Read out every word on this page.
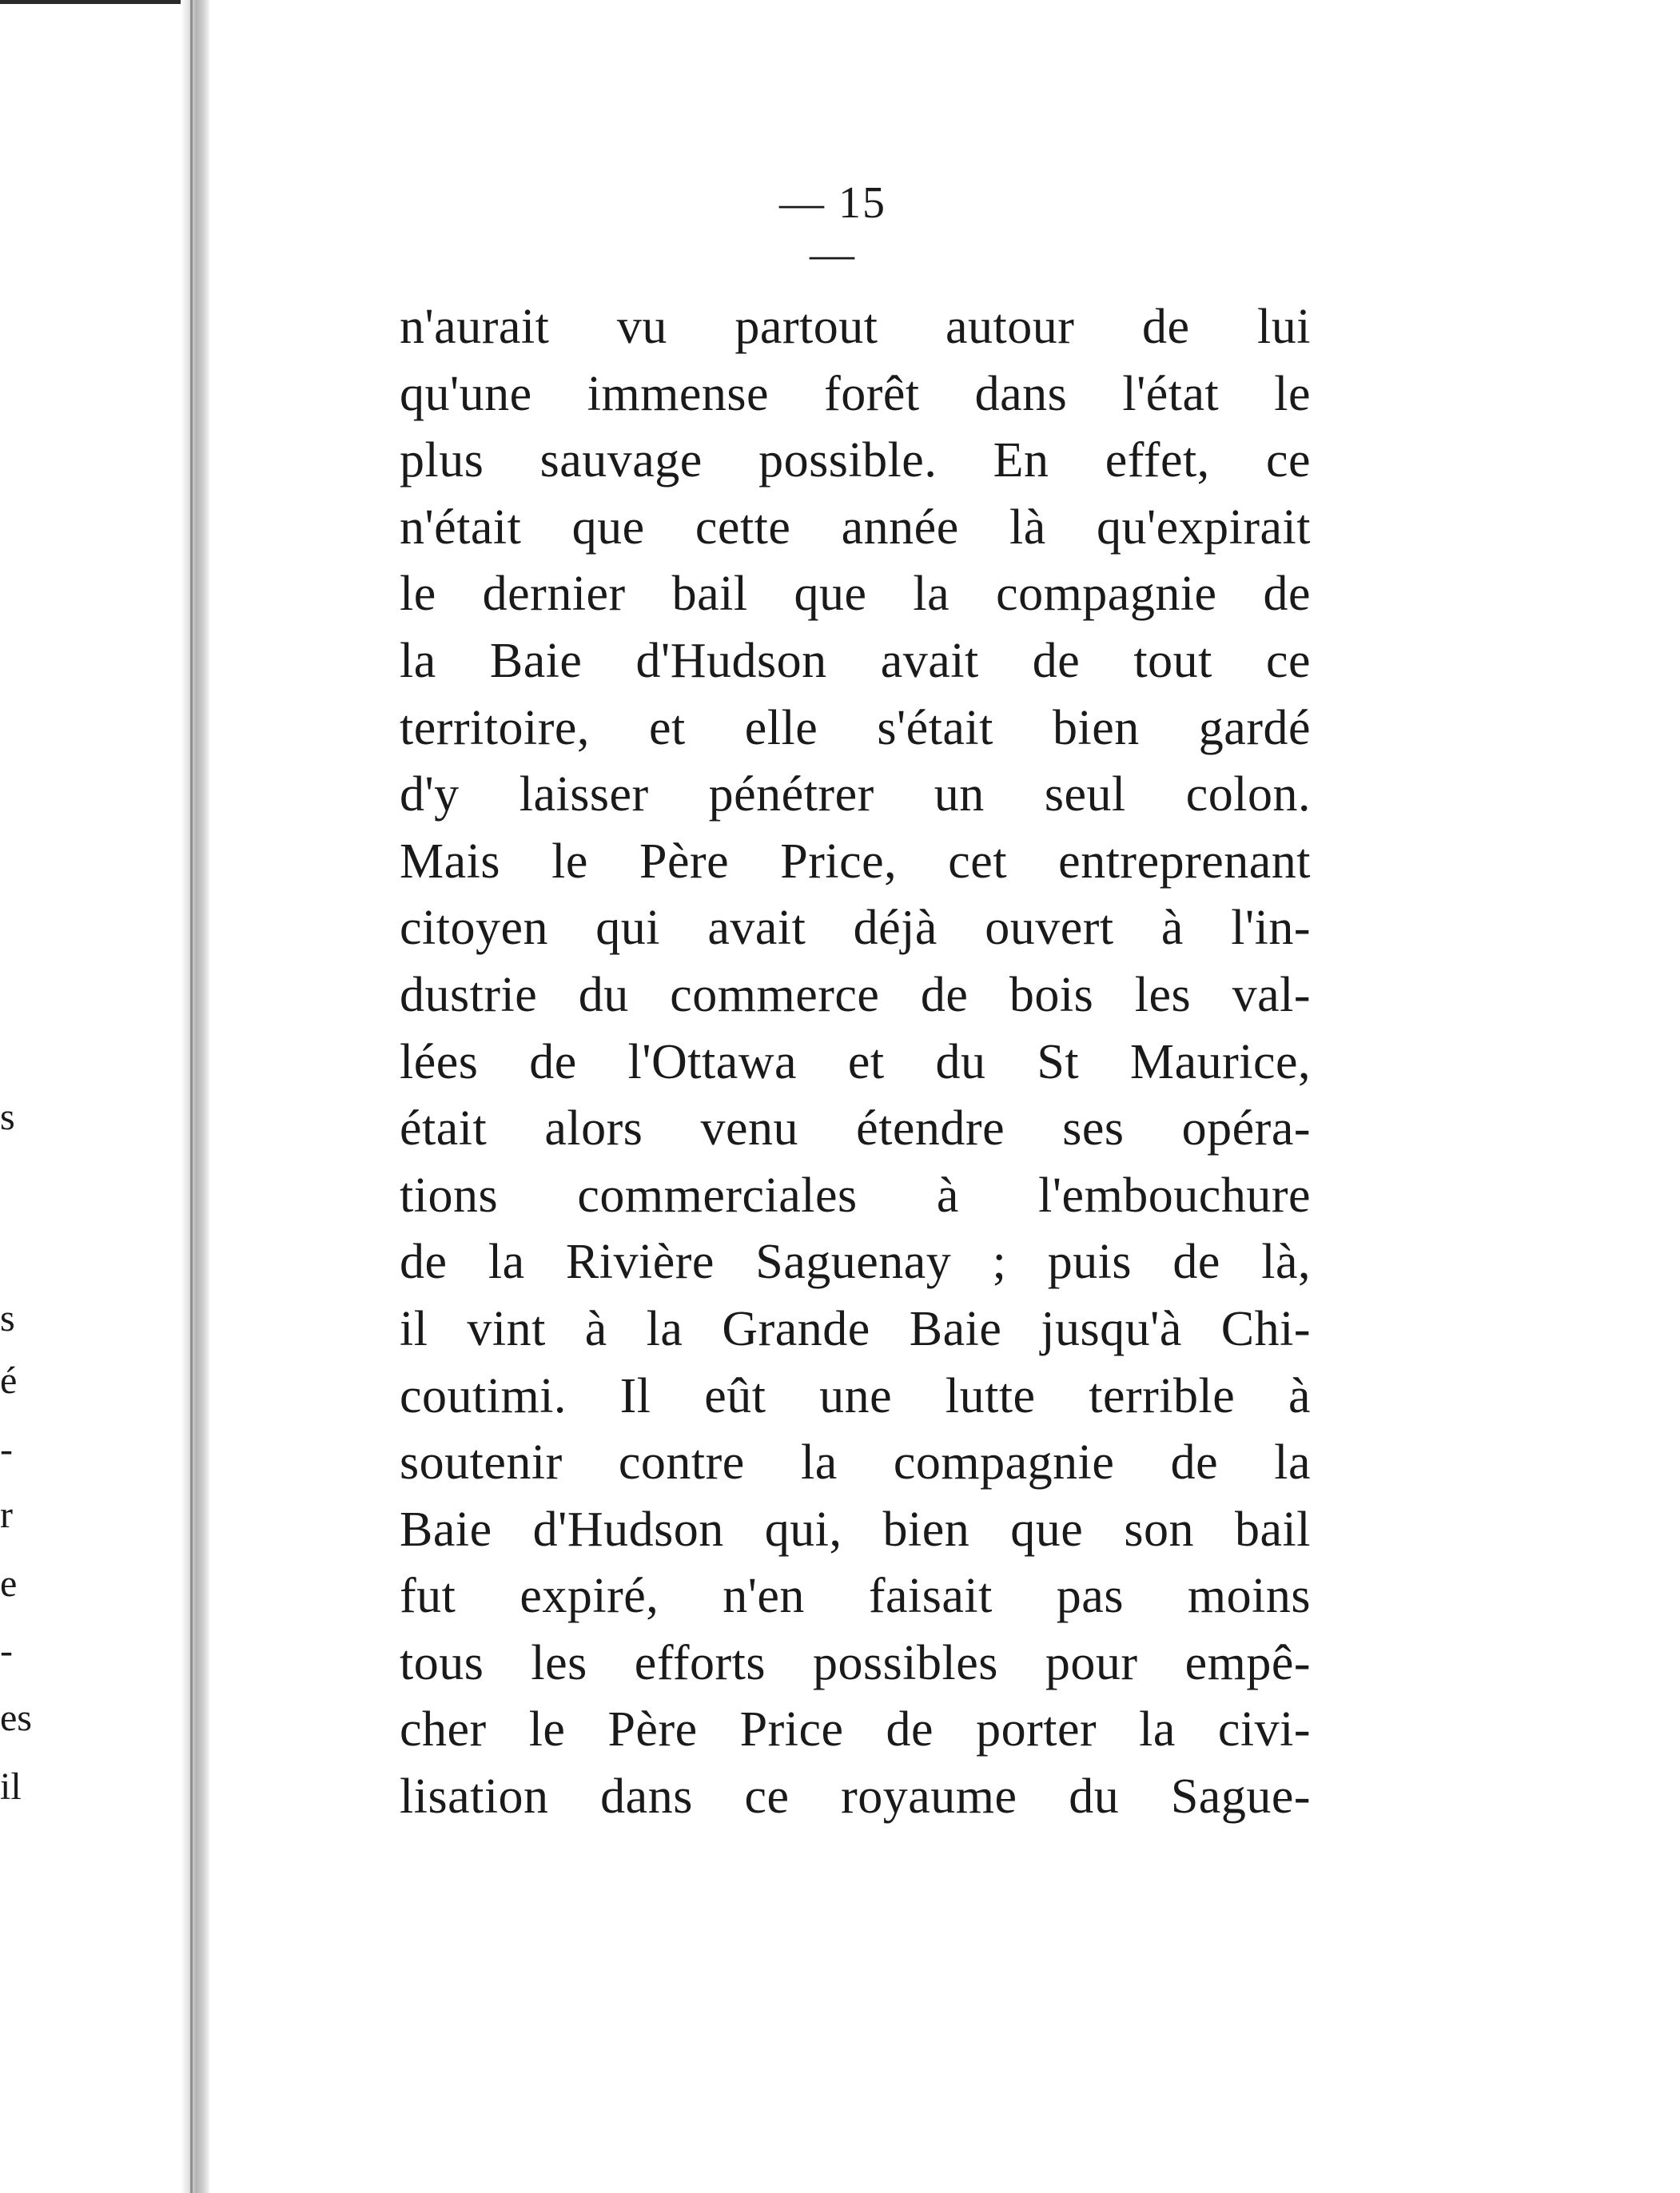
s
s
é
-
r
e
-
es
il
— 15 —
n'aurait vu partout autour de lui
qu'une immense forêt dans l'état le
plus sauvage possible. En effet, ce
n'était que cette année là qu'expirait
le dernier bail que la compagnie de
la Baie d'Hudson avait de tout ce
territoire, et elle s'était bien gardé
d'y laisser pénétrer un seul colon.
Mais le Père Price, cet entreprenant
citoyen qui avait déjà ouvert à l'in-
dustrie du commerce de bois les val-
lées de l'Ottawa et du St Maurice,
était alors venu étendre ses opéra-
tions commerciales à l'embouchure
de la Rivière Saguenay ; puis de là,
il vint à la Grande Baie jusqu'à Chi-
coutimi. Il eût une lutte terrible à
soutenir contre la compagnie de la
Baie d'Hudson qui, bien que son bail
fut expiré, n'en faisait pas moins
tous les efforts possibles pour empê-
cher le Père Price de porter la civi-
lisation dans ce royaume du Sague-
